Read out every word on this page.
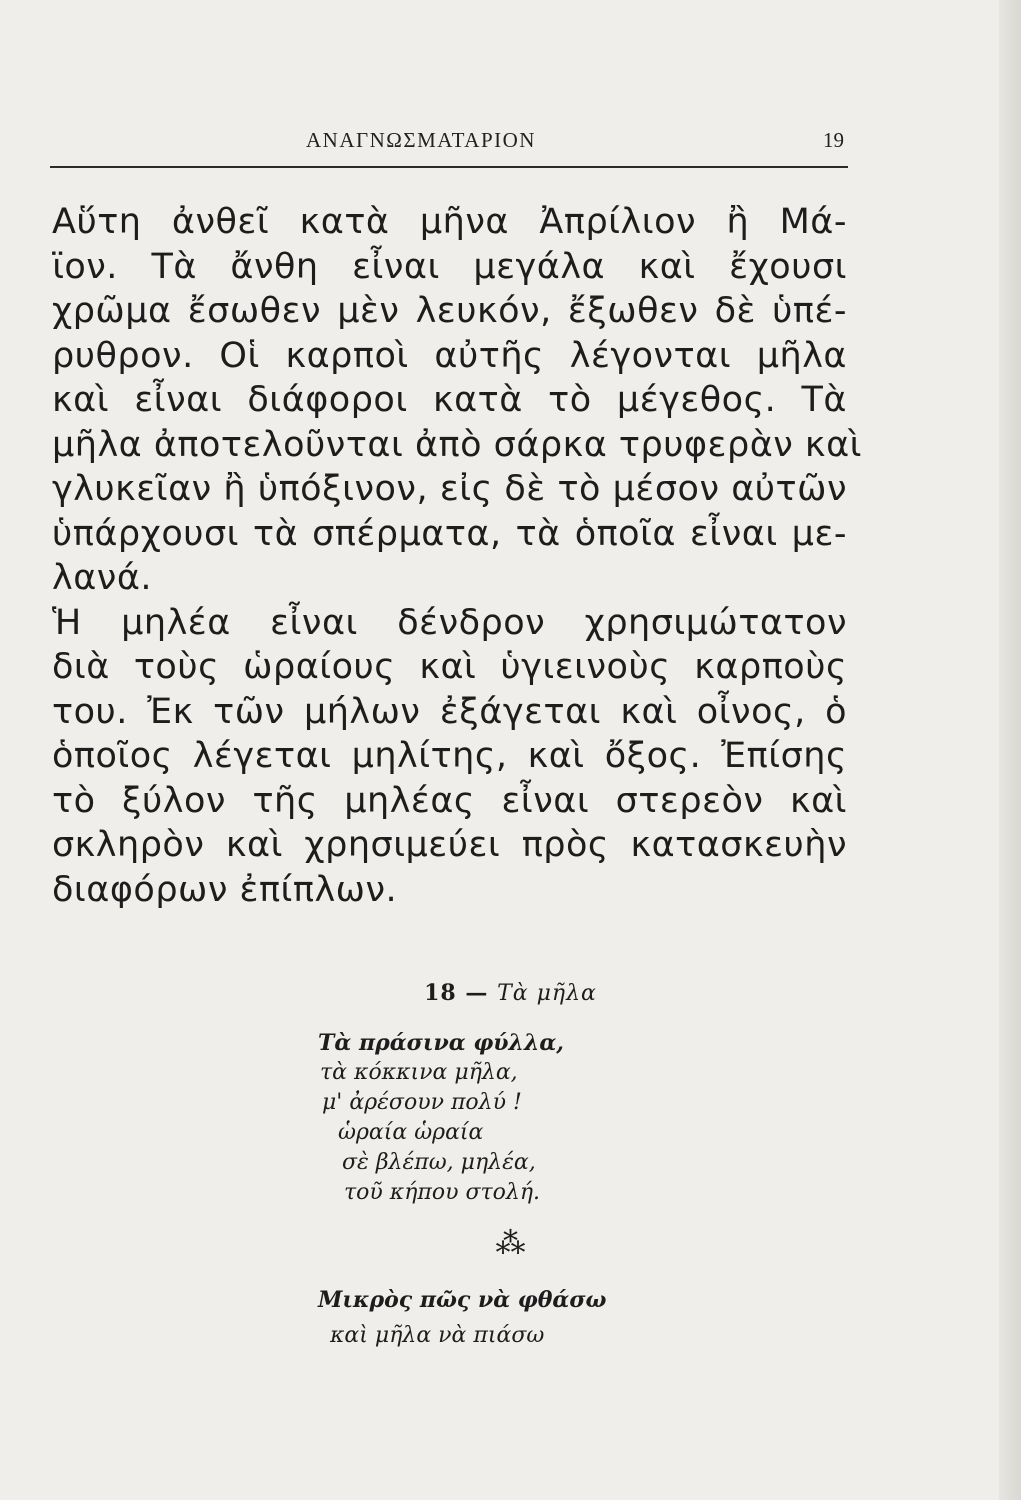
ΑΝΑΓΝΩΣΜΑΤΑΡΙΟΝ	19
Αὕτη ἀνθεῖ κατὰ μῆνα Ἀπρίλιον ἢ Μά-
ϊον. Τὰ ἄνθη εἶναι μεγάλα καὶ ἔχουσι
χρῶμα ἔσωθεν μὲν λευκόν, ἔξωθεν δὲ ὑπέ-
ρυθρον. Οἱ καρποὶ αὐτῆς λέγονται μῆλα
καὶ εἶναι διάφοροι κατὰ τὸ μέγεθος. Τὰ
μῆλα ἀποτελοῦνται ἀπὸ σάρκα τρυφερὰν καὶ
γλυκεῖαν ἢ ὑπόξινον, εἰς δὲ τὸ μέσον αὐτῶν
ὑπάρχουσι τὰ σπέρματα, τὰ ὁποῖα εἶναι με-
λανά.
Ἡ μηλέα εἶναι δένδρον χρησιμώτατον
διὰ τοὺς ὡραίους καὶ ὑγιεινοὺς καρποὺς
του. Ἐκ τῶν μήλων ἐξάγεται καὶ οἶνος, ὁ
ὁποῖος λέγεται μηλίτης, καὶ ὄξος. Ἐπίσης
τὸ ξύλον τῆς μηλέας εἶναι στερεὸν καὶ
σκληρὸν καὶ χρησιμεύει πρὸς κατασκευὴν
διαφόρων ἐπίπλων.
18 — Τὰ μῆλα
Τὰ πράσινα φύλλα,
τὰ κόκκινα μῆλα,
μ' ἀρέσουν πολύ !
ὡραία ὡραία
σὲ βλέπω, μηλέα,
τοῦ κήπου στολή.
⁂
Μικρὸς πῶς νὰ φθάσω
καὶ μῆλα νὰ πιάσω
